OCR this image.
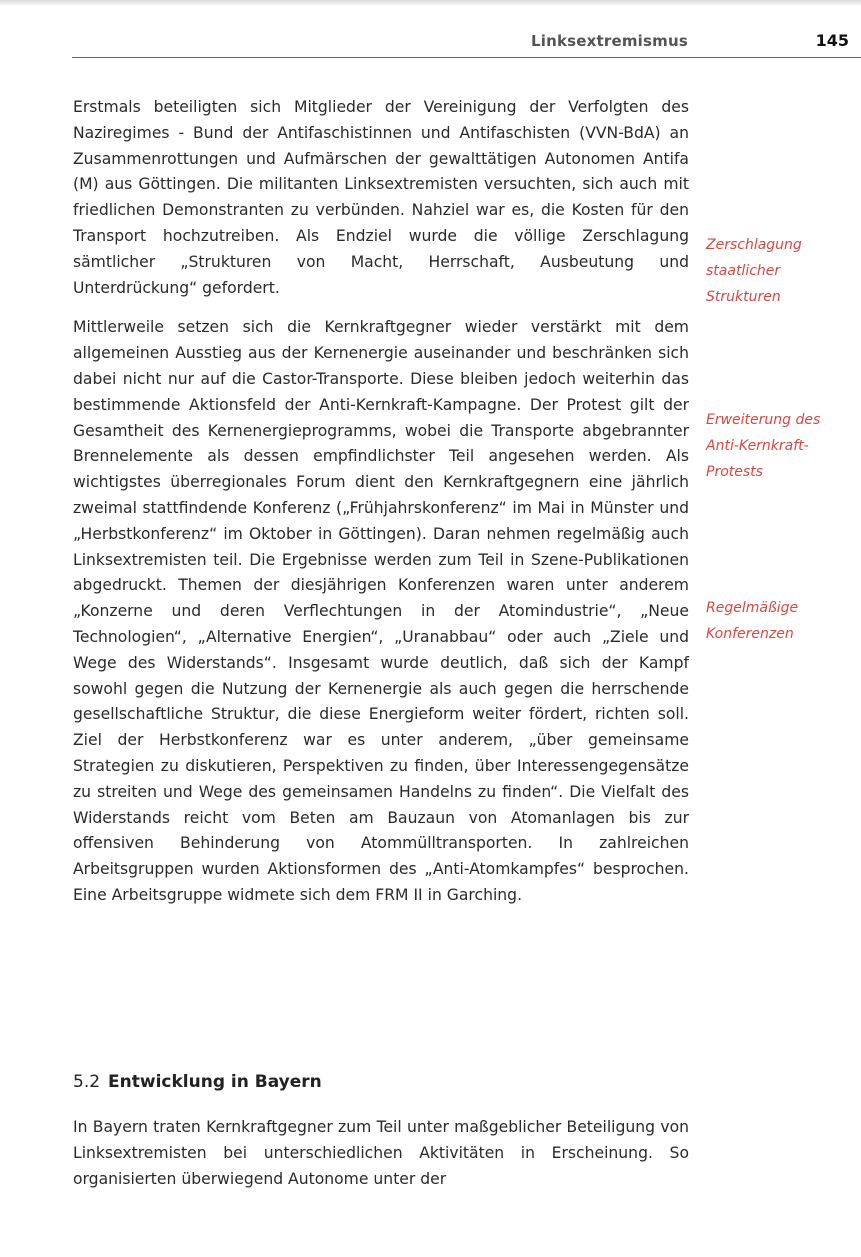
Linksextremismus	145

Erstmals beteiligten sich Mitglieder der Vereinigung der Verfolgten des Naziregimes - Bund der Antifaschistinnen und Antifaschisten (VVN-BdA) an Zusammenrottungen und Aufmärschen der gewalttätigen Autonomen Antifa (M) aus Göttingen. Die militanten Linksextremisten versuchten, sich auch mit friedlichen Demonstranten zu verbünden. Nahziel war es, die Kosten für den Transport hochzutreiben. Als Endziel wurde die völlige Zerschlagung sämtlicher „Strukturen von Macht, Herrschaft, Ausbeutung und Unterdrückung“ gefordert.

Mittlerweile setzen sich die Kernkraftgegner wieder verstärkt mit dem allgemeinen Ausstieg aus der Kernenergie auseinander und beschränken sich dabei nicht nur auf die Castor-Transporte. Diese bleiben jedoch weiterhin das bestimmende Aktionsfeld der Anti-Kernkraft-Kampagne. Der Protest gilt der Gesamtheit des Kernenergieprogramms, wobei die Transporte abgebrannter Brennelemente als dessen empfindlichster Teil angesehen werden. Als wichtigstes überregionales Forum dient den Kernkraftgegnern eine jährlich zweimal stattfindende Konferenz („Frühjahrskonferenz“ im Mai in Münster und „Herbstkonferenz“ im Oktober in Göttingen). Daran nehmen regelmäßig auch Linksextremisten teil. Die Ergebnisse werden zum Teil in Szene-Publikationen abgedruckt. Themen der diesjährigen Konferenzen waren unter anderem „Konzerne und deren Verflechtungen in der Atomindustrie“, „Neue Technologien“, „Alternative Energien“, „Uranabbau“ oder auch „Ziele und Wege des Widerstands“. Insgesamt wurde deutlich, daß sich der Kampf sowohl gegen die Nutzung der Kernenergie als auch gegen die herrschende gesellschaftliche Struktur, die diese Energieform weiter fördert, richten soll. Ziel der Herbstkonferenz war es unter anderem, „über gemeinsame Strategien zu diskutieren, Perspektiven zu finden, über Interessengegensätze zu streiten und Wege des gemeinsamen Handelns zu finden“. Die Vielfalt des Widerstands reicht vom Beten am Bauzaun von Atomanlagen bis zur offensiven Behinderung von Atommülltransporten. In zahlreichen Arbeitsgruppen wurden Aktionsformen des „Anti-Atomkampfes“ besprochen. Eine Arbeitsgruppe widmete sich dem FRM II in Garching.

Zerschlagung
staatlicher
Strukturen
Erweiterung des
Anti-Kernkraft-
Protests
Regelmäßige
Konferenzen
5.2 Entwicklung in Bayern

In Bayern traten Kernkraftgegner zum Teil unter maßgeblicher Beteiligung von Linksextremisten bei unterschiedlichen Aktivitäten in Erscheinung. So organisierten überwiegend Autonome unter der
